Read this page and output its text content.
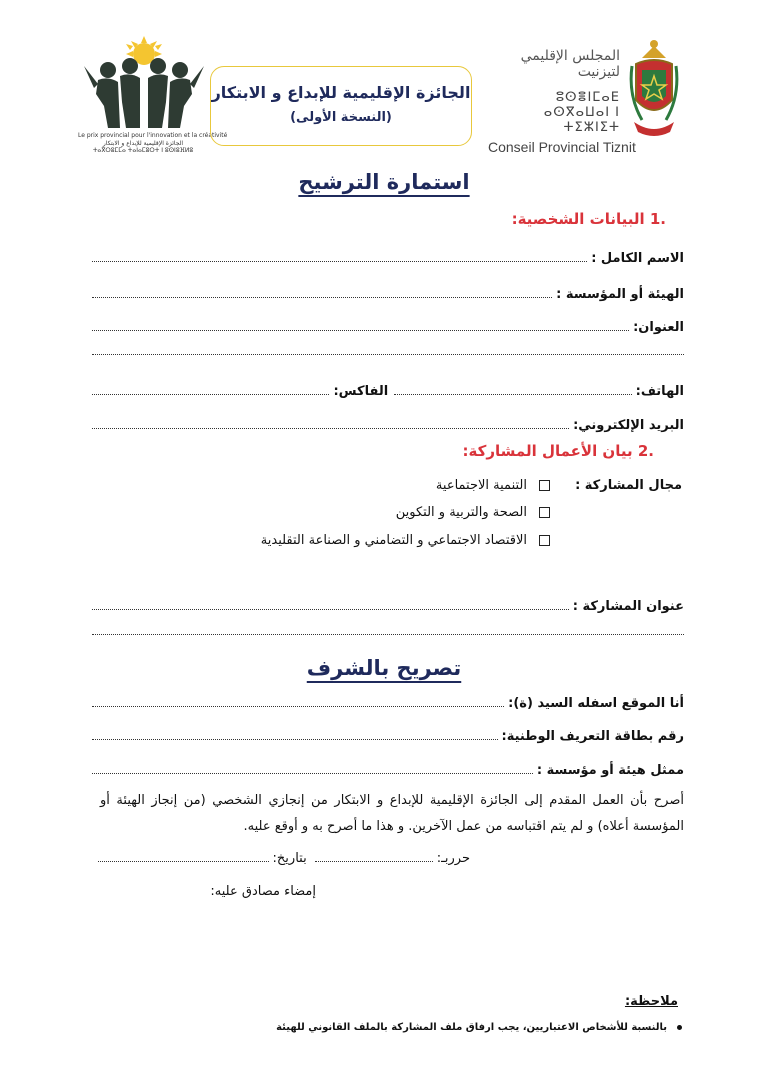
Le prix provincial pour l'innovation et la créativité
الجائزة الإقليمية للإبداع و الابتكار
ⵜⴰⴳⵔⵓⵎⵎⴰ ⵜⴰⵏⴰⵎⵓⵔⵜ ⵏ ⵓⵙⵏⵓⴼⵍⵓ
الجائزة الإقليمية للإبداع و الابتكار
(النسخة الأولى)
المجلس الإقليمي لتيزنيت
ⵓⵙⴻⵏⵎⴰⴹ ⴰⵙⴳⴰⵡⴰⵏ ⵏ ⵜⵉⵣⵏⵉⵜ
Conseil Provincial Tiznit
استمارة الترشيح
.1 البيانات الشخصية:
الاسم الكامل :
الهيئة أو المؤسسة :
العنوان:
الهاتف:
الفاكس:
البريد الإلكتروني:
.2 بيان الأعمال المشاركة:
مجال المشاركة :
التنمية الاجتماعية
الصحة والتربية و التكوين
الاقتصاد الاجتماعي و التضامني و الصناعة التقليدية
عنوان المشاركة :
تصريح بالشرف
أنا الموقع اسفله السيد (ة):
رقم بطاقة التعريف الوطنية:
ممثل هيئة أو مؤسسة :
أصرح بأن العمل المقدم إلى الجائزة الإقليمية للإبداع و الابتكار من إنجازي الشخصي (من إنجاز الهيئة أو المؤسسة أعلاه) و لم يتم اقتباسه من عمل الآخرين. و هذا ما أصرح به و أوقع عليه.
حرربـ:
بتاريخ:
إمضاء مصادق عليه:
ملاحظة:
بالنسبة للأشخاص الاعتباريين، يجب ارفاق ملف المشاركة بالملف القانوني للهيئة
